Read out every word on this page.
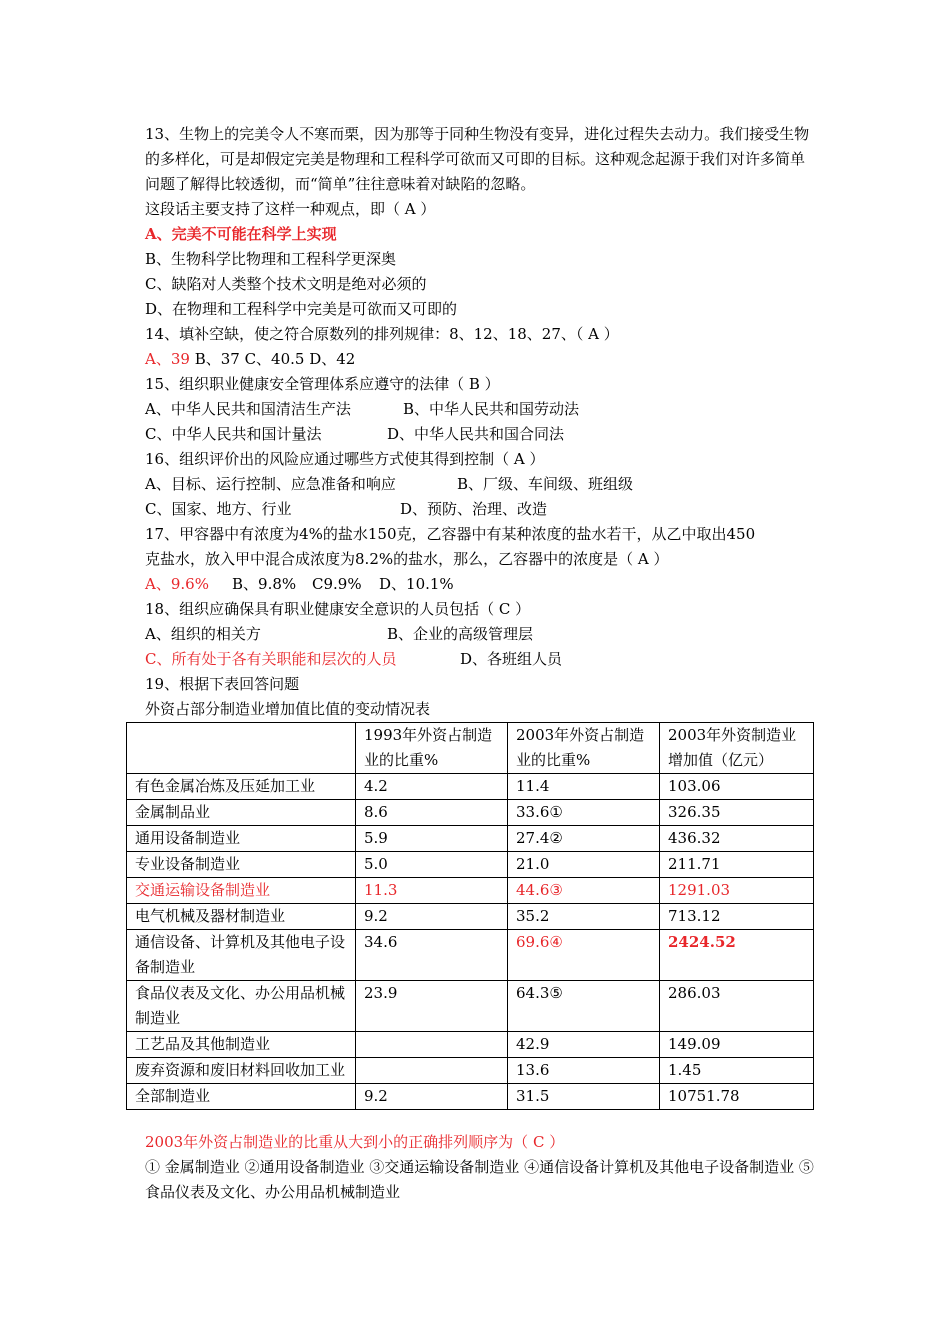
13、生物上的完美令人不寒而栗，因为那等于同种生物没有变异，进化过程失去动力。我们接受生物的多样化，可是却假定完美是物理和工程科学可欲而又可即的目标。这种观念起源于我们对许多简单问题了解得比较透彻，而“简单”往往意味着对缺陷的忽略。
这段话主要支持了这样一种观点，即（ A ）
A、完美不可能在科学上实现
B、生物科学比物理和工程科学更深奥
C、缺陷对人类整个技术文明是绝对必须的
D、在物理和工程科学中完美是可欲而又可即的
14、填补空缺，使之符合原数列的排列规律：8、12、18、27、（ A ）
A、39 B、37 C、40.5 D、42
15、组织职业健康安全管理体系应遵守的法律（ B ）
A、中华人民共和国清洁生产法	B、中华人民共和国劳动法
C、中华人民共和国计量法	D、中华人民共和国合同法
16、组织评价出的风险应通过哪些方式使其得到控制（ A ）
A、目标、运行控制、应急准备和响应	B、厂级、车间级、班组级
C、国家、地方、行业	D、预防、治理、改造
17、甲容器中有浓度为4%的盐水150克，乙容器中有某种浓度的盐水若干，从乙中取出450
克盐水，放入甲中混合成浓度为8.2%的盐水，那么，乙容器中的浓度是（ A ）
A、9.6% B、9.8% C9.9% D、10.1%
18、组织应确保具有职业健康安全意识的人员包括（ C ）
A、组织的相关方	B、企业的高级管理层
C、所有处于各有关职能和层次的人员	D、各班组人员
19、根据下表回答问题
外资占部分制造业增加值比值的变动情况表
	1993年外资占制造业的比重%	2003年外资占制造业的比重%	2003年外资制造业增加值（亿元）
有色金属冶炼及压延加工业	4.2	11.4	103.06
金属制品业	8.6	33.6①	326.35
通用设备制造业	5.9	27.4②	436.32
专业设备制造业	5.0	21.0	211.71
交通运输设备制造业	11.3	44.6③	1291.03
电气机械及器材制造业	9.2	35.2	713.12
通信设备、计算机及其他电子设备制造业	34.6	69.6④	2424.52
食品仪表及文化、办公用品机械制造业	23.9	64.3⑤	286.03
工艺品及其他制造业		42.9	149.09
废弃资源和废旧材料回收加工业		13.6	1.45
全部制造业	9.2	31.5	10751.78
2003年外资占制造业的比重从大到小的正确排列顺序为（ C ）
① 金属制造业 ②通用设备制造业 ③交通运输设备制造业 ④通信设备计算机及其他电子设备制造业 ⑤食品仪表及文化、办公用品机械制造业
